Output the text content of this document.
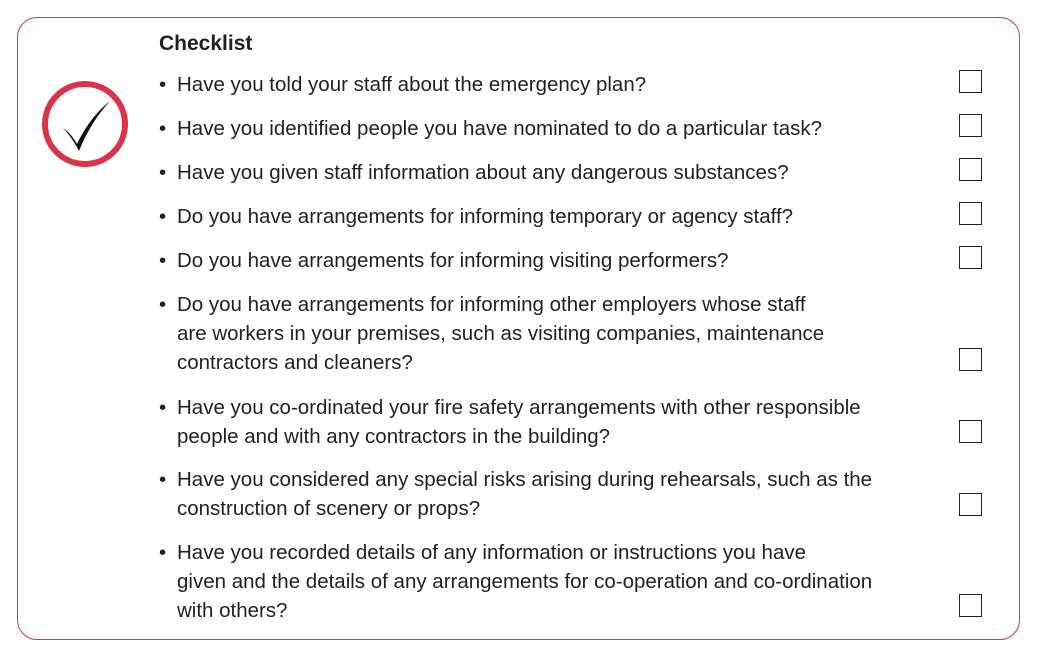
Checklist
• Have you told your staff about the emergency plan?
• Have you identified people you have nominated to do a particular task?
• Have you given staff information about any dangerous substances?
• Do you have arrangements for informing temporary or agency staff?
• Do you have arrangements for informing visiting performers?
• Do you have arrangements for informing other employers whose staff
are workers in your premises, such as visiting companies, maintenance
contractors and cleaners?
• Have you co-ordinated your fire safety arrangements with other responsible
people and with any contractors in the building?
• Have you considered any special risks arising during rehearsals, such as the
construction of scenery or props?
• Have you recorded details of any information or instructions you have
given and the details of any arrangements for co-operation and co-ordination
with others?
